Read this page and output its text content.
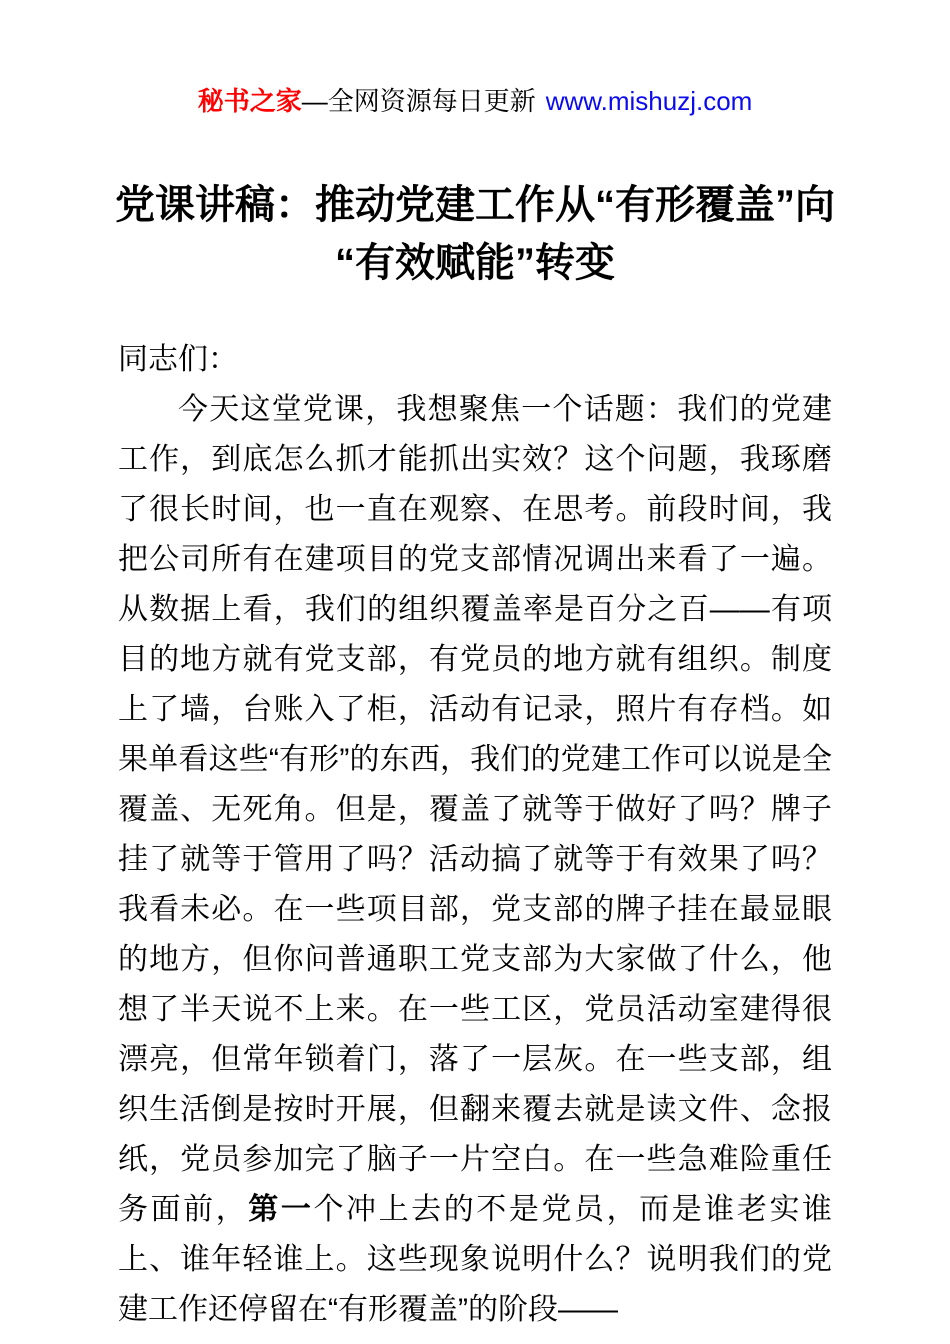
秘书之家—全网资源每日更新 www.mishuzj.com
党课讲稿：推动党建工作从“有形覆盖”向“有效赋能”转变

同志们：

今天这堂党课，我想聚焦一个话题：我们的党建工作，到底怎么抓才能抓出实效？这个问题，我琢磨了很长时间，也一直在观察、在思考。前段时间，我把公司所有在建项目的党支部情况调出来看了一遍。从数据上看，我们的组织覆盖率是百分之百——有项目的地方就有党支部，有党员的地方就有组织。制度上了墙，台账入了柜，活动有记录，照片有存档。如果单看这些“有形”的东西，我们的党建工作可以说是全覆盖、无死角。但是，覆盖了就等于做好了吗？牌子挂了就等于管用了吗？活动搞了就等于有效果了吗？我看未必。在一些项目部，党支部的牌子挂在最显眼的地方，但你问普通职工党支部为大家做了什么，他想了半天说不上来。在一些工区，党员活动室建得很漂亮，但常年锁着门，落了一层灰。在一些支部，组织生活倒是按时开展，但翻来覆去就是读文件、念报纸，党员参加完了脑子一片空白。在一些急难险重任务面前，第一个冲上去的不是党员，而是谁老实谁上、谁年轻谁上。这些现象说明什么？说明我们的党建工作还停留在“有形覆盖”的阶段——
